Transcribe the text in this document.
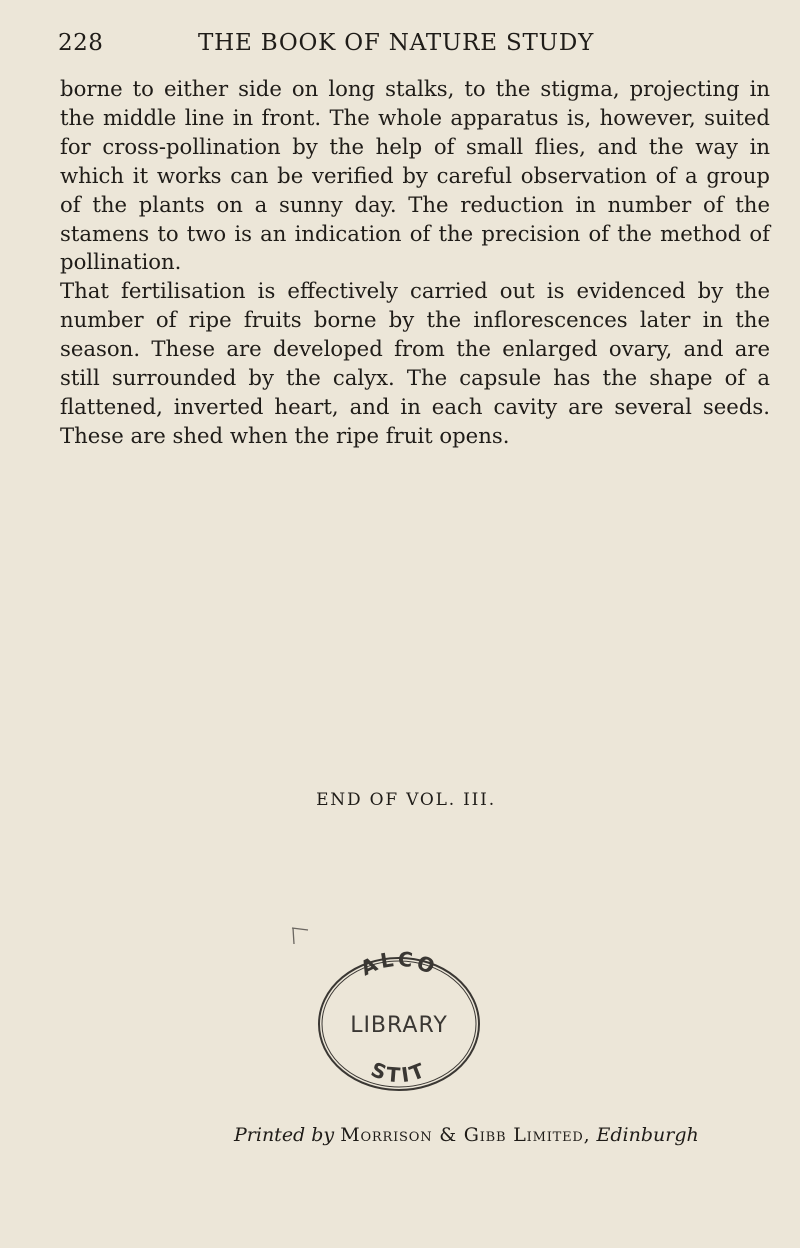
228	THE BOOK OF NATURE STUDY

borne to either side on long stalks, to the stigma, projecting in the middle line in front. The whole apparatus is, however, suited for cross-pollination by the help of small flies, and the way in which it works can be verified by careful observation of a group of the plants on a sunny day. The reduction in number of the stamens to two is an indication of the precision of the method of pollination.

That fertilisation is effectively carried out is evidenced by the number of ripe fruits borne by the inflorescences later in the season. These are developed from the enlarged ovary, and are still surrounded by the calyx. The capsule has the shape of a flattened, inverted heart, and in each cavity are several seeds. These are shed when the ripe fruit opens.

END OF VOL. III.
ALCO
LIBRARY
STIT
Printed by Morrison & Gibb Limited, Edinburgh
